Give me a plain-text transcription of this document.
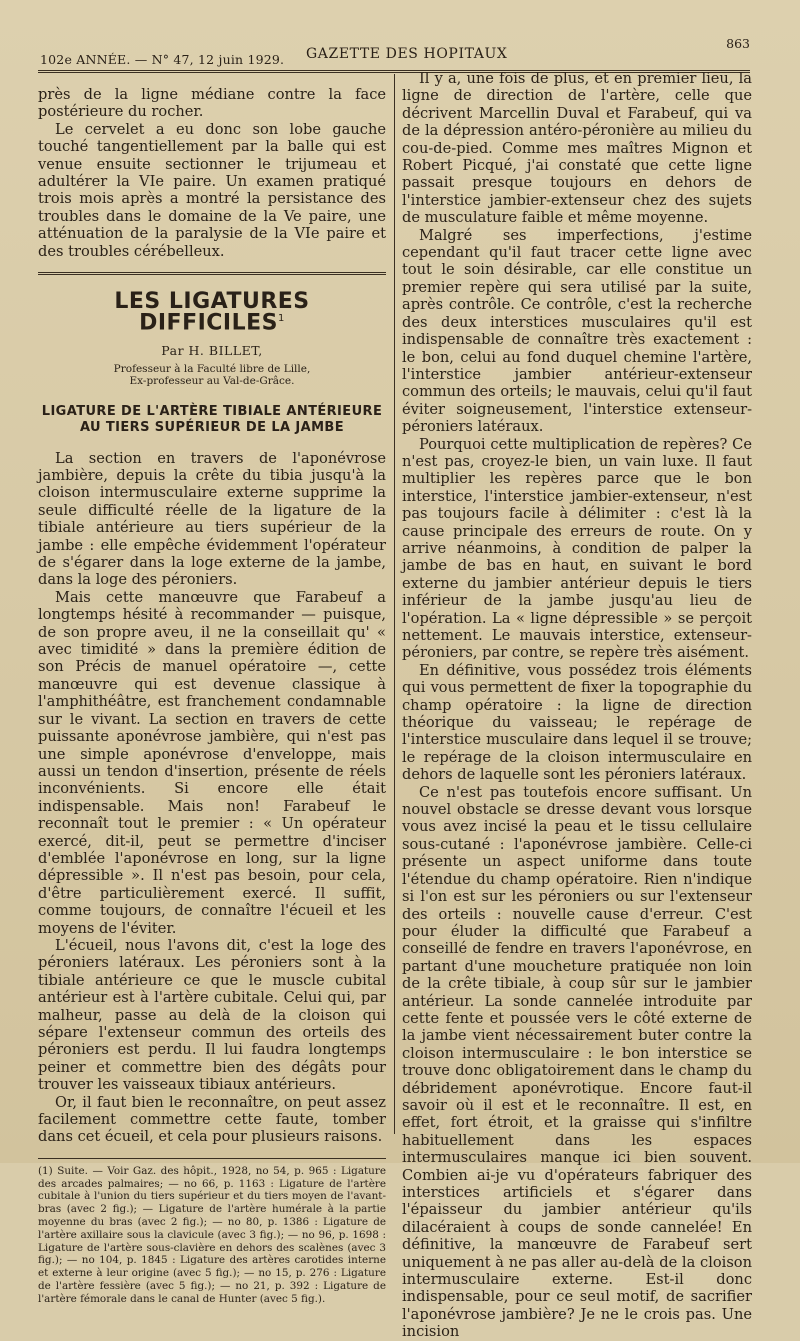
102e ANNÉE. — N° 47, 12 juin 1929. GAZETTE DES HOPITAUX
863

près de la ligne médiane contre la face postérieure du rocher.

Le cervelet a eu donc son lobe gauche touché tangentiellement par la balle qui est venue ensuite sectionner le trijumeau et adultérer la VIe paire. Un examen pratiqué trois mois après a montré la persistance des troubles dans le domaine de la Ve paire, une atténuation de la paralysie de la VIe paire et des troubles cérébelleux.

LES LIGATURES DIFFICILES$^1$
Par H. BILLET,
Professeur à la Faculté libre de Lille,
Ex-professeur au Val-de-Grâce.
LIGATURE DE L'ARTÈRE TIBIALE ANTÉRIEURE AU TIERS SUPÉRIEUR DE LA JAMBE

La section en travers de l'aponévrose jambière, depuis la crête du tibia jusqu'à la cloison intermusculaire externe supprime la seule difficulté réelle de la ligature de la tibiale antérieure au tiers supérieur de la jambe : elle empêche évidemment l'opérateur de s'égarer dans la loge externe de la jambe, dans la loge des péroniers.

Mais cette manœuvre que Farabeuf a longtemps hésité à recommander — puisque, de son propre aveu, il ne la conseillait qu' « avec timidité » dans la première édition de son Précis de manuel opératoire —, cette manœuvre qui est devenue classique à l'amphithéâtre, est franchement condamnable sur le vivant. La section en travers de cette puissante aponévrose jambière, qui n'est pas une simple aponévrose d'enveloppe, mais aussi un tendon d'insertion, présente de réels inconvénients. Si encore elle était indispensable. Mais non! Farabeuf le reconnaît tout le premier : « Un opérateur exercé, dit-il, peut se permettre d'inciser d'emblée l'aponévrose en long, sur la ligne dépressible ». Il n'est pas besoin, pour cela, d'être particulièrement exercé. Il suffit, comme toujours, de connaître l'écueil et les moyens de l'éviter.

L'écueil, nous l'avons dit, c'est la loge des péroniers latéraux. Les péroniers sont à la tibiale antérieure ce que le muscle cubital antérieur est à l'artère cubitale. Celui qui, par malheur, passe au delà de la cloison qui sépare l'extenseur commun des orteils des péroniers est perdu. Il lui faudra longtemps peiner et commettre bien des dégâts pour trouver les vaisseaux tibiaux antérieurs.

Or, il faut bien le reconnaître, on peut assez facilement commettre cette faute, tomber dans cet écueil, et cela pour plusieurs raisons.

(1) Suite. — Voir Gaz. des hôpit., 1928, no 54, p. 965 : Ligature des arcades palmaires; — no 66, p. 1163 : Ligature de l'artère cubitale à l'union du tiers supérieur et du tiers moyen de l'avant-bras (avec 2 fig.); — Ligature de l'artère humérale à la partie moyenne du bras (avec 2 fig.); — no 80, p. 1386 : Ligature de l'artère axillaire sous la clavicule (avec 3 fig.); — no 96, p. 1698 : Ligature de l'artère sous-clavière en dehors des scalènes (avec 3 fig.); — no 104, p. 1845 : Ligature des artères carotides interne et externe à leur origine (avec 5 fig.); — no 15, p. 276 : Ligature de l'artère fessière (avec 5 fig.); — no 21, p. 392 : Ligature de l'artère fémorale dans le canal de Hunter (avec 5 fig.).

Il y a, une fois de plus, et en premier lieu, la ligne de direction de l'artère, celle que décrivent Marcellin Duval et Farabeuf, qui va de la dépression antéro-péronière au milieu du cou-de-pied. Comme mes maîtres Mignon et Robert Picqué, j'ai constaté que cette ligne passait presque toujours en dehors de l'interstice jambier-extenseur chez des sujets de musculature faible et même moyenne.

Malgré ses imperfections, j'estime cependant qu'il faut tracer cette ligne avec tout le soin désirable, car elle constitue un premier repère qui sera utilisé par la suite, après contrôle. Ce contrôle, c'est la recherche des deux interstices musculaires qu'il est indispensable de connaître très exactement : le bon, celui au fond duquel chemine l'artère, l'interstice jambier antérieur-extenseur commun des orteils; le mauvais, celui qu'il faut éviter soigneusement, l'interstice extenseur-péroniers latéraux.

Pourquoi cette multiplication de repères? Ce n'est pas, croyez-le bien, un vain luxe. Il faut multiplier les repères parce que le bon interstice, l'interstice jambier-extenseur, n'est pas toujours facile à délimiter : c'est là la cause principale des erreurs de route. On y arrive néanmoins, à condition de palper la jambe de bas en haut, en suivant le bord externe du jambier antérieur depuis le tiers inférieur de la jambe jusqu'au lieu de l'opération. La « ligne dépressible » se perçoit nettement. Le mauvais interstice, extenseur-péroniers, par contre, se repère très aisément.

En définitive, vous possédez trois éléments qui vous permettent de fixer la topographie du champ opératoire : la ligne de direction théorique du vaisseau; le repérage de l'interstice musculaire dans lequel il se trouve; le repérage de la cloison intermusculaire en dehors de laquelle sont les péroniers latéraux.

Ce n'est pas toutefois encore suffisant. Un nouvel obstacle se dresse devant vous lorsque vous avez incisé la peau et le tissu cellulaire sous-cutané : l'aponévrose jambière. Celle-ci présente un aspect uniforme dans toute l'étendue du champ opératoire. Rien n'indique si l'on est sur les péroniers ou sur l'extenseur des orteils : nouvelle cause d'erreur. C'est pour éluder la difficulté que Farabeuf a conseillé de fendre en travers l'aponévrose, en partant d'une moucheture pratiquée non loin de la crête tibiale, à coup sûr sur le jambier antérieur. La sonde cannelée introduite par cette fente et poussée vers le côté externe de la jambe vient nécessairement buter contre la cloison intermusculaire : le bon interstice se trouve donc obligatoirement dans le champ du débridement aponévrotique. Encore faut-il savoir où il est et le reconnaître. Il est, en effet, fort étroit, et la graisse qui s'infiltre habituellement dans les espaces intermusculaires manque ici bien souvent. Combien ai-je vu d'opérateurs fabriquer des interstices artificiels et s'égarer dans l'épaisseur du jambier antérieur qu'ils dilacéraient à coups de sonde cannelée! En définitive, la manœuvre de Farabeuf sert uniquement à ne pas aller au-delà de la cloison intermusculaire externe. Est-il donc indispensable, pour ce seul motif, de sacrifier l'aponévrose jambière? Je ne le crois pas. Une incision
